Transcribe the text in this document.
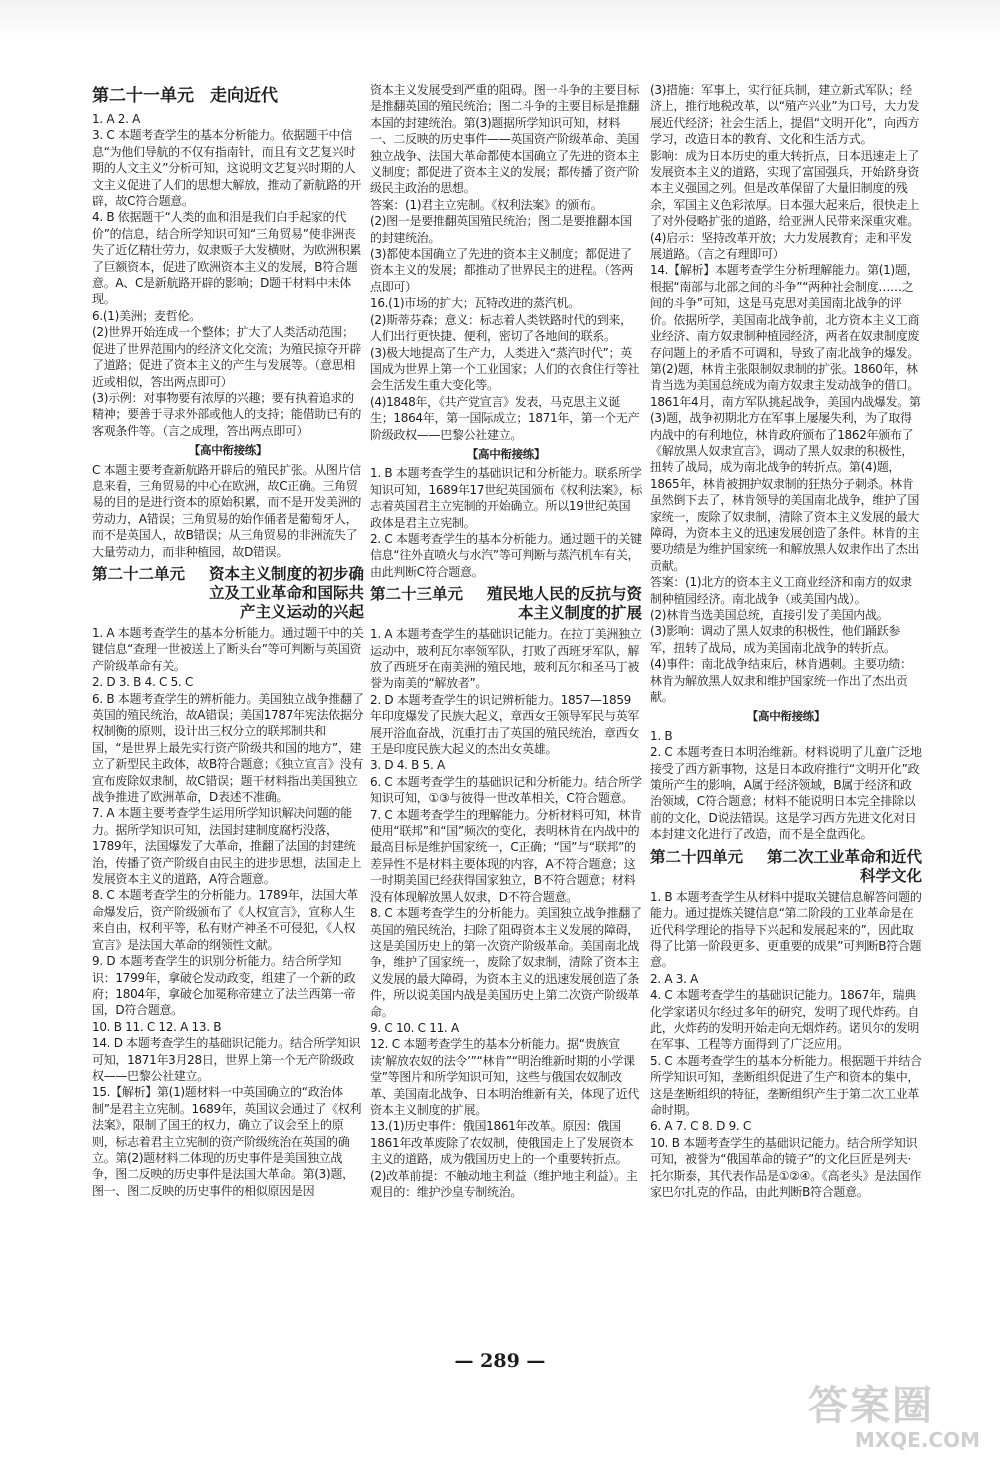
第二十一单元 走向近代

1. A 2. A

3. C 本题考查学生的基本分析能力。依据题干中信息“为他们导航的不仅有指南针，而且有文艺复兴时期的人文主义”分析可知，这说明文艺复兴时期的人文主义促进了人们的思想大解放，推动了新航路的开辟，故C符合题意。

4. B 依据题干“人类的血和泪是我们白手起家的代价”的信息，结合所学知识可知“三角贸易”使非洲丧失了近亿精壮劳力，奴隶贩子大发横财，为欧洲积累了巨额资本，促进了欧洲资本主义的发展，B符合题意。A、C是新航路开辟的影响；D题干材料中未体现。

6.(1)美洲；麦哲伦。

(2)世界开始连成一个整体；扩大了人类活动范围；促进了世界范围内的经济文化交流；为殖民掠夺开辟了道路；促进了资本主义的产生与发展等。（意思相近或相似，答出两点即可）

(3)示例：对事物要有浓厚的兴趣；要有执着追求的精神；要善于寻求外部或他人的支持；能借助已有的客观条件等。（言之成理，答出两点即可）

【高中衔接练】

C 本题主要考查新航路开辟后的殖民扩张。从图片信息来看，三角贸易的中心在欧洲，故C正确。三角贸易的目的是进行资本的原始积累，而不是开发美洲的劳动力，A错误；三角贸易的始作俑者是葡萄牙人，而不是英国人，故B错误；从三角贸易的非洲流失了大量劳动力，而非种植园，故D错误。

第二十二单元	资本主义制度的初步确立及工业革命和国际共产主义运动的兴起

1. A 本题考查学生的基本分析能力。通过题干中的关键信息“查理一世被送上了断头台”等可判断与英国资产阶级革命有关。

2. D 3. B 4. C 5. C

6. B 本题考查学生的辨析能力。美国独立战争推翻了英国的殖民统治，故A错误；美国1787年宪法依据分权制衡的原则，设计出三权分立的联邦制共和国，“是世界上最先实行资产阶级共和国的地方”，建立了新型民主政体，故B符合题意；《独立宣言》没有宣布废除奴隶制，故C错误；题干材料指出美国独立战争推进了欧洲革命，D表述不准确。

7. A 本题主要考查学生运用所学知识解决问题的能力。据所学知识可知，法国封建制度腐朽没落，1789年，法国爆发了大革命，推翻了法国的封建统治，传播了资产阶级自由民主的进步思想，法国走上发展资本主义的道路，A符合题意。

8. C 本题考查学生的分析能力。1789年，法国大革命爆发后，资产阶级颁布了《人权宣言》，宣称人生来自由，权利平等，私有财产神圣不可侵犯，《人权宣言》是法国大革命的纲领性文献。

9. D 本题考查学生的识别分析能力。结合所学知识：1799年，拿破仑发动政变，组建了一个新的政府；1804年，拿破仑加冕称帝建立了法兰西第一帝国，D符合题意。

10. B 11. C 12. A 13. B

14. D 本题考查学生的基础识记能力。结合所学知识可知，1871年3月28日，世界上第一个无产阶级政权——巴黎公社建立。

15.【解析】第(1)题材料一中英国确立的“政治体制”是君主立宪制。1689年，英国议会通过了《权利法案》，限制了国王的权力，确立了议会至上的原则，标志着君主立宪制的资产阶级统治在英国的确立。第(2)题材料二体现的历史事件是美国独立战争，图二反映的历史事件是法国大革命。第(3)题，图一、图二反映的历史事件的相似原因是因

资本主义发展受到严重的阻碍。图一斗争的主要目标是推翻英国的殖民统治；图二斗争的主要目标是推翻本国的封建统治。第(3)题据所学知识可知，材料一、二反映的历史事件——英国资产阶级革命、美国独立战争、法国大革命都使本国确立了先进的资本主义制度；都促进了资本主义的发展；都传播了资产阶级民主政治的思想。

答案：(1)君主立宪制。《权利法案》的颁布。

(2)图一是要推翻英国殖民统治；图二是要推翻本国的封建统治。

(3)都使本国确立了先进的资本主义制度；都促进了资本主义的发展；都推动了世界民主的进程。（答两点即可）

16.(1)市场的扩大；瓦特改进的蒸汽机。

(2)斯蒂芬森；意义：标志着人类铁路时代的到来，人们出行更快捷、便利，密切了各地间的联系。

(3)极大地提高了生产力，人类进入“蒸汽时代”；英国成为世界上第一个工业国家；人们的衣食住行等社会生活发生重大变化等。

(4)1848年，《共产党宣言》发表，马克思主义诞生；1864年，第一国际成立；1871年，第一个无产阶级政权——巴黎公社建立。

【高中衔接练】

1. B 本题考查学生的基础识记和分析能力。联系所学知识可知，1689年17世纪英国颁布《权利法案》，标志着英国君主立宪制的开始确立。所以19世纪英国政体是君主立宪制。

2. C 本题考查学生的基本分析能力。通过题干的关键信息“往外直喷火与水汽”等可判断与蒸汽机车有关，由此判断C符合题意。

第二十三单元	殖民地人民的反抗与资本主义制度的扩展

1. A 本题考查学生的基础识记能力。在拉丁美洲独立运动中，玻利瓦尔率领军队，打败了西班牙军队，解放了西班牙在南美洲的殖民地，玻利瓦尔和圣马丁被誉为南美的“解放者”。

2. D 本题考查学生的识记辨析能力。1857—1859年印度爆发了民族大起义，章西女王领导军民与英军展开浴血奋战，沉重打击了英国的殖民统治，章西女王是印度民族大起义的杰出女英雄。

3. D 4. B 5. A

6. C 本题考查学生的基础识记和分析能力。结合所学知识可知，①③与彼得一世改革相关，C符合题意。

7. C 本题考查学生的理解能力。分析材料可知，林肯使用“联邦”和“国”频次的变化，表明林肯在内战中的最高目标是维护国家统一，C正确；“国”与“联邦”的差异性不是材料主要体现的内容，A不符合题意；这一时期美国已经获得国家独立，B不符合题意；材料没有体现解放黑人奴隶，D不符合题意。

8. C 本题考查学生的分析能力。美国独立战争推翻了英国的殖民统治，扫除了阻碍资本主义发展的障碍，这是美国历史上的第一次资产阶级革命。美国南北战争，维护了国家统一，废除了奴隶制，清除了资本主义发展的最大障碍，为资本主义的迅速发展创造了条件，所以说美国内战是美国历史上第二次资产阶级革命。

9. C 10. C 11. A

12. C 本题考查学生的基本分析能力。据“贵族宣读‘解放农奴的法令’”“林肯”“明治维新时期的小学课堂”等图片和所学知识可知，这些与俄国农奴制改革、美国南北战争、日本明治维新有关，体现了近代资本主义制度的扩展。

13.(1)历史事件：俄国1861年改革。原因：俄国1861年改革废除了农奴制，使俄国走上了发展资本主义的道路，成为俄国历史上的一个重要转折点。

(2)改革前提：不触动地主利益（维护地主利益）。主观目的：维护沙皇专制统治。

(3)措施：军事上，实行征兵制，建立新式军队；经济上，推行地税改革，以“殖产兴业”为口号，大力发展近代经济；社会生活上，提倡“文明开化”，向西方学习，改造日本的教育、文化和生活方式。

影响：成为日本历史的重大转折点，日本迅速走上了发展资本主义的道路，实现了富国强兵，开始跻身资本主义强国之列。但是改革保留了大量旧制度的残余，军国主义色彩浓厚。日本强大起来后，很快走上了对外侵略扩张的道路，给亚洲人民带来深重灾难。

(4)启示：坚持改革开放；大力发展教育；走和平发展道路。（言之有理即可）

14.【解析】本题考查学生分析理解能力。第(1)题，根据“南部与北部之间的斗争”“两种社会制度……之间的斗争”可知，这是马克思对美国南北战争的评价。依据所学，美国南北战争前，北方资本主义工商业经济、南方奴隶制种植园经济，两者在奴隶制度废存问题上的矛盾不可调和，导致了南北战争的爆发。第(2)题，林肯主张限制奴隶制的扩张。1860年，林肯当选为美国总统成为南方奴隶主发动战争的借口。1861年4月，南方军队挑起战争，美国内战爆发。第(3)题，战争初期北方在军事上屡屡失利，为了取得内战中的有利地位，林肯政府颁布了1862年颁布了《解放黑人奴隶宣言》，调动了黑人奴隶的积极性，扭转了战局，成为南北战争的转折点。第(4)题，1865年，林肯被拥护奴隶制的狂热分子刺杀。林肯虽然倒下去了，林肯领导的美国南北战争，维护了国家统一，废除了奴隶制，清除了资本主义发展的最大障碍，为资本主义的迅速发展创造了条件。林肯的主要功绩是为维护国家统一和解放黑人奴隶作出了杰出贡献。

答案：(1)北方的资本主义工商业经济和南方的奴隶制种植园经济。南北战争（或美国内战）。

(2)林肯当选美国总统，直接引发了美国内战。

(3)影响：调动了黑人奴隶的积极性，他们踊跃参军，扭转了战局，成为美国南北战争的转折点。

(4)事件：南北战争结束后，林肯遇刺。主要功绩：林肯为解放黑人奴隶和维护国家统一作出了杰出贡献。

【高中衔接练】

1. B

2. C 本题考查日本明治维新。材料说明了儿童广泛地接受了西方新事物，这是日本政府推行“文明开化”政策所产生的影响，A属于经济领域，B属于经济和政治领域，C符合题意；材料不能说明日本完全排除以前的文化，D说法错误。这是学习西方先进文化对日本封建文化进行了改造，而不是全盘西化。

第二十四单元	第二次工业革命和近代科学文化

1. B 本题考查学生从材料中提取关键信息解答问题的能力。通过提炼关键信息“第二阶段的工业革命是在近代科学理论的指导下兴起和发展起来的”，因此取得了比第一阶段更多、更重要的成果”可判断B符合题意。

2. A 3. A

4. C 本题考查学生的基础识记能力。1867年，瑞典化学家诺贝尔经过多年的研究，发明了现代炸药。自此，火炸药的发明开始走向无烟炸药。诺贝尔的发明在军事、工程等方面得到了广泛应用。

5. C 本题考查学生的基本分析能力。根据题干并结合所学知识可知，垄断组织促进了生产和资本的集中，这是垄断组织的特征，垄断组织产生于第二次工业革命时期。

6. A 7. C 8. D 9. C

10. B 本题考查学生的基础识记能力。结合所学知识可知，被誉为“俄国革命的镜子”的文化巨匠是列夫·托尔斯泰，其代表作品是①②④。《高老头》是法国作家巴尔扎克的作品，由此判断B符合题意。

— 289 —
答案圈
MXQE.COM
